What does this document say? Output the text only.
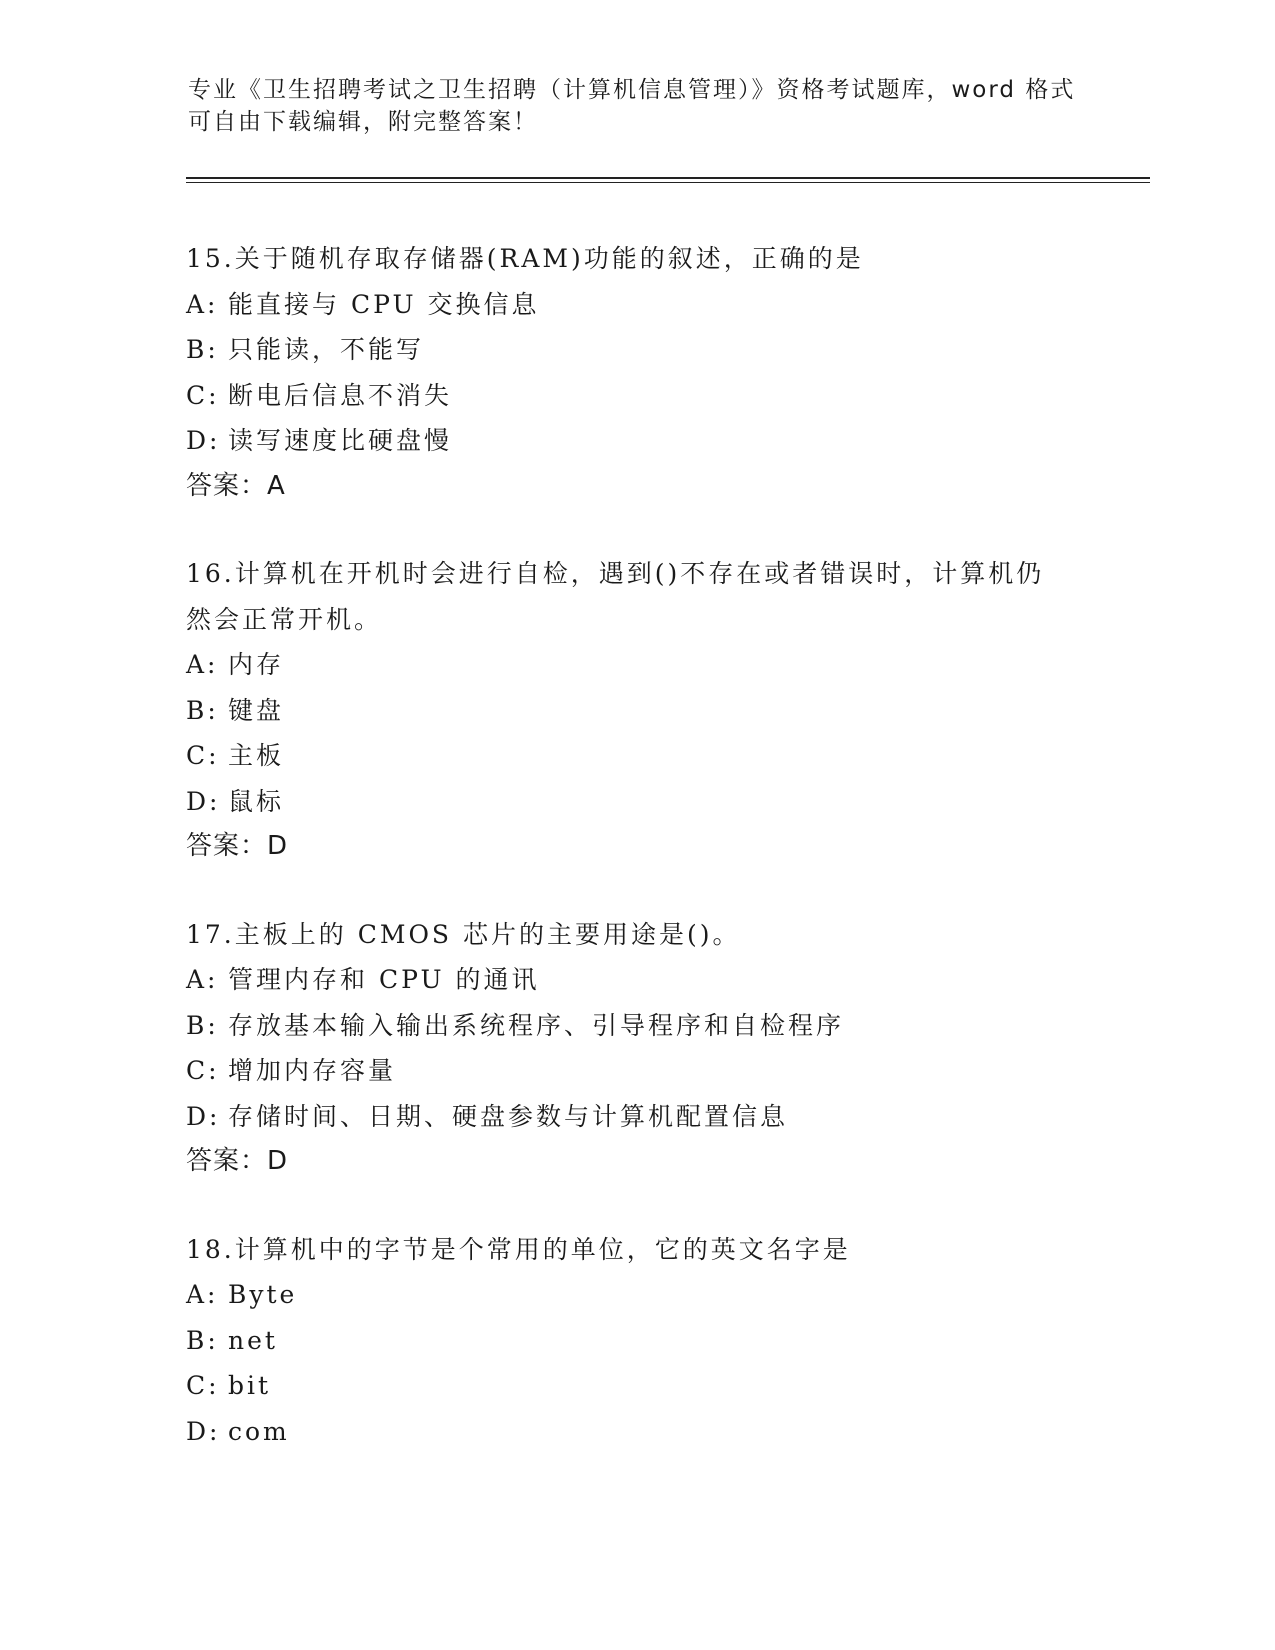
专业《卫生招聘考试之卫生招聘（计算机信息管理）》资格考试题库，word 格式
可自由下载编辑，附完整答案！
15.关于随机存取存储器(RAM)功能的叙述，正确的是
A: 能直接与 CPU 交换信息
B: 只能读，不能写
C: 断电后信息不消失
D: 读写速度比硬盘慢
答案：A
16.计算机在开机时会进行自检，遇到()不存在或者错误时，计算机仍
然会正常开机。
A: 内存
B: 键盘
C: 主板
D: 鼠标
答案：D
17.主板上的 CMOS 芯片的主要用途是()。
A: 管理内存和 CPU 的通讯
B: 存放基本输入输出系统程序、引导程序和自检程序
C: 增加内存容量
D: 存储时间、日期、硬盘参数与计算机配置信息
答案：D
18.计算机中的字节是个常用的单位，它的英文名字是
A: Byte
B: net
C: bit
D: com
